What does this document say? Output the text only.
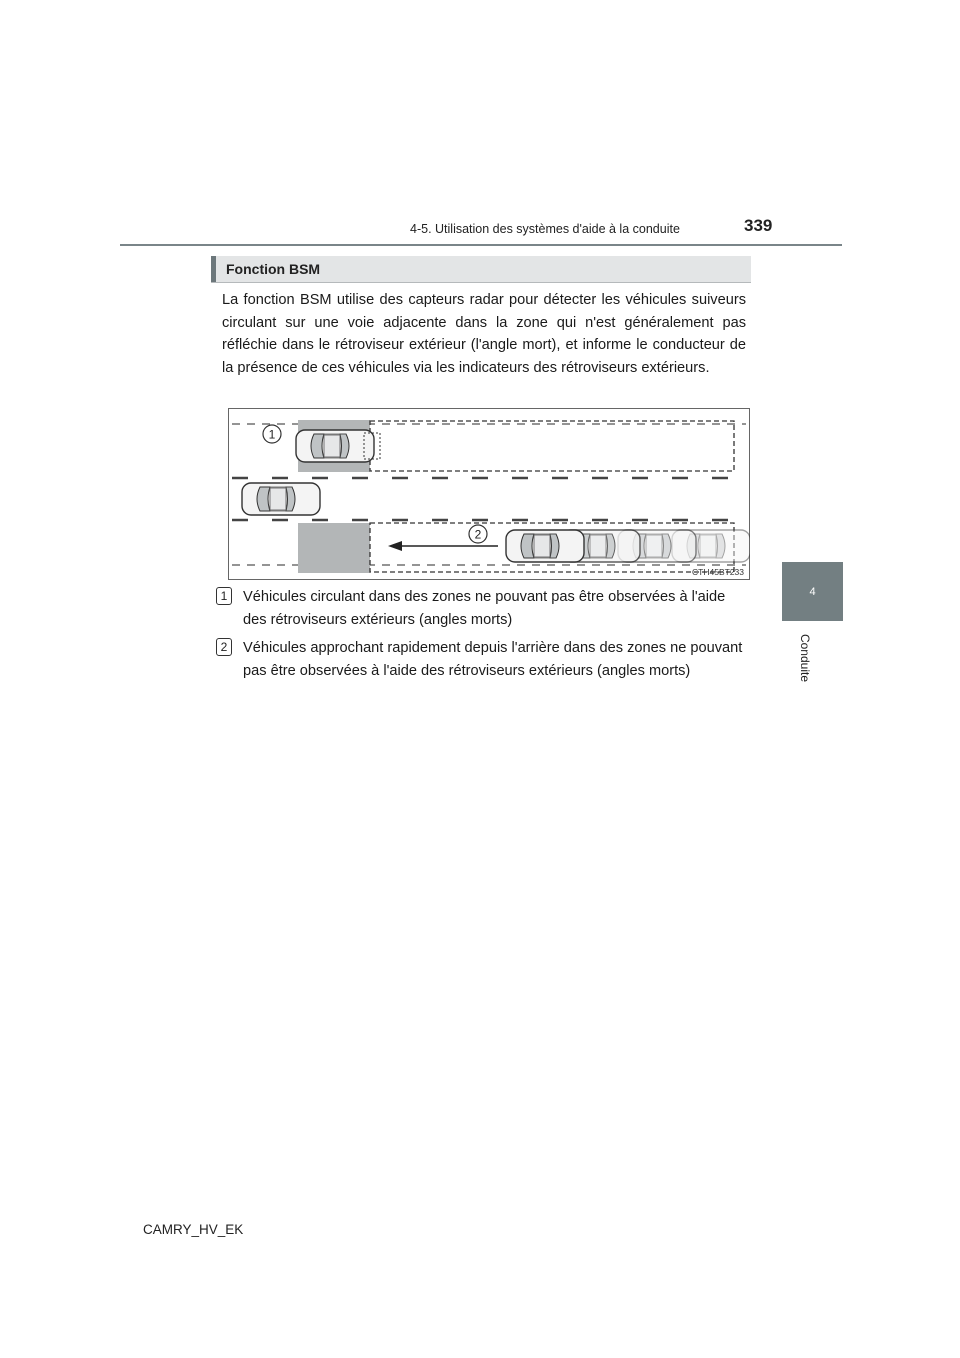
4-5. Utilisation des systèmes d'aide à la conduite	339
4
Conduite
Fonction BSM
La fonction BSM utilise des capteurs radar pour détecter les véhicules suiveurs circulant sur une voie adjacente dans la zone qui n'est généralement pas réfléchie dans le rétroviseur extérieur (l'angle mort), et informe le conducteur de la présence de ces véhicules via les indicateurs des rétroviseurs extérieurs.
1
2
CTH45BT233
1	Véhicules circulant dans des zones ne pouvant pas être observées à l'aide des rétroviseurs extérieurs (angles morts)
2	Véhicules approchant rapidement depuis l'arrière dans des zones ne pouvant pas être observées à l'aide des rétroviseurs extérieurs (angles morts)
CAMRY_HV_EK
